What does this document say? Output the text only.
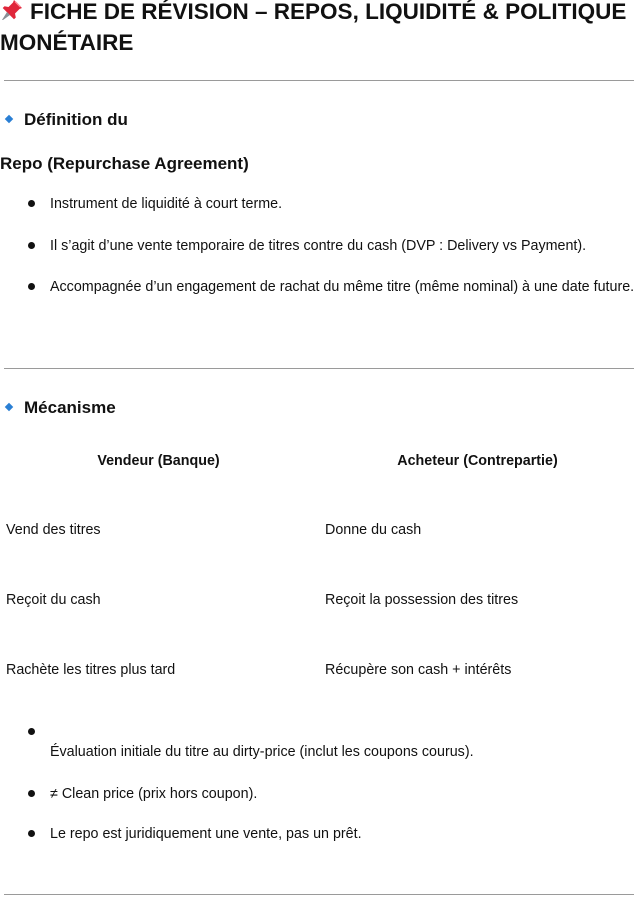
FICHE DE RÉVISION – REPOS, LIQUIDITÉ & POLITIQUE MONÉTAIRE
Définition du
Repo (Repurchase Agreement)
Instrument de liquidité à court terme.
Il s’agit d’une vente temporaire de titres contre du cash (DVP : Delivery vs Payment).
Accompagnée d’un engagement de rachat du même titre (même nominal) à une date future.
Mécanisme
Vendeur (Banque)	Acheteur (Contrepartie)
Vend des titres	Donne du cash
Reçoit du cash	Reçoit la possession des titres
Rachète les titres plus tard	Récupère son cash + intérêts
Évaluation initiale du titre au dirty-price (inclut les coupons courus).
≠ Clean price (prix hors coupon).
Le repo est juridiquement une vente, pas un prêt.
